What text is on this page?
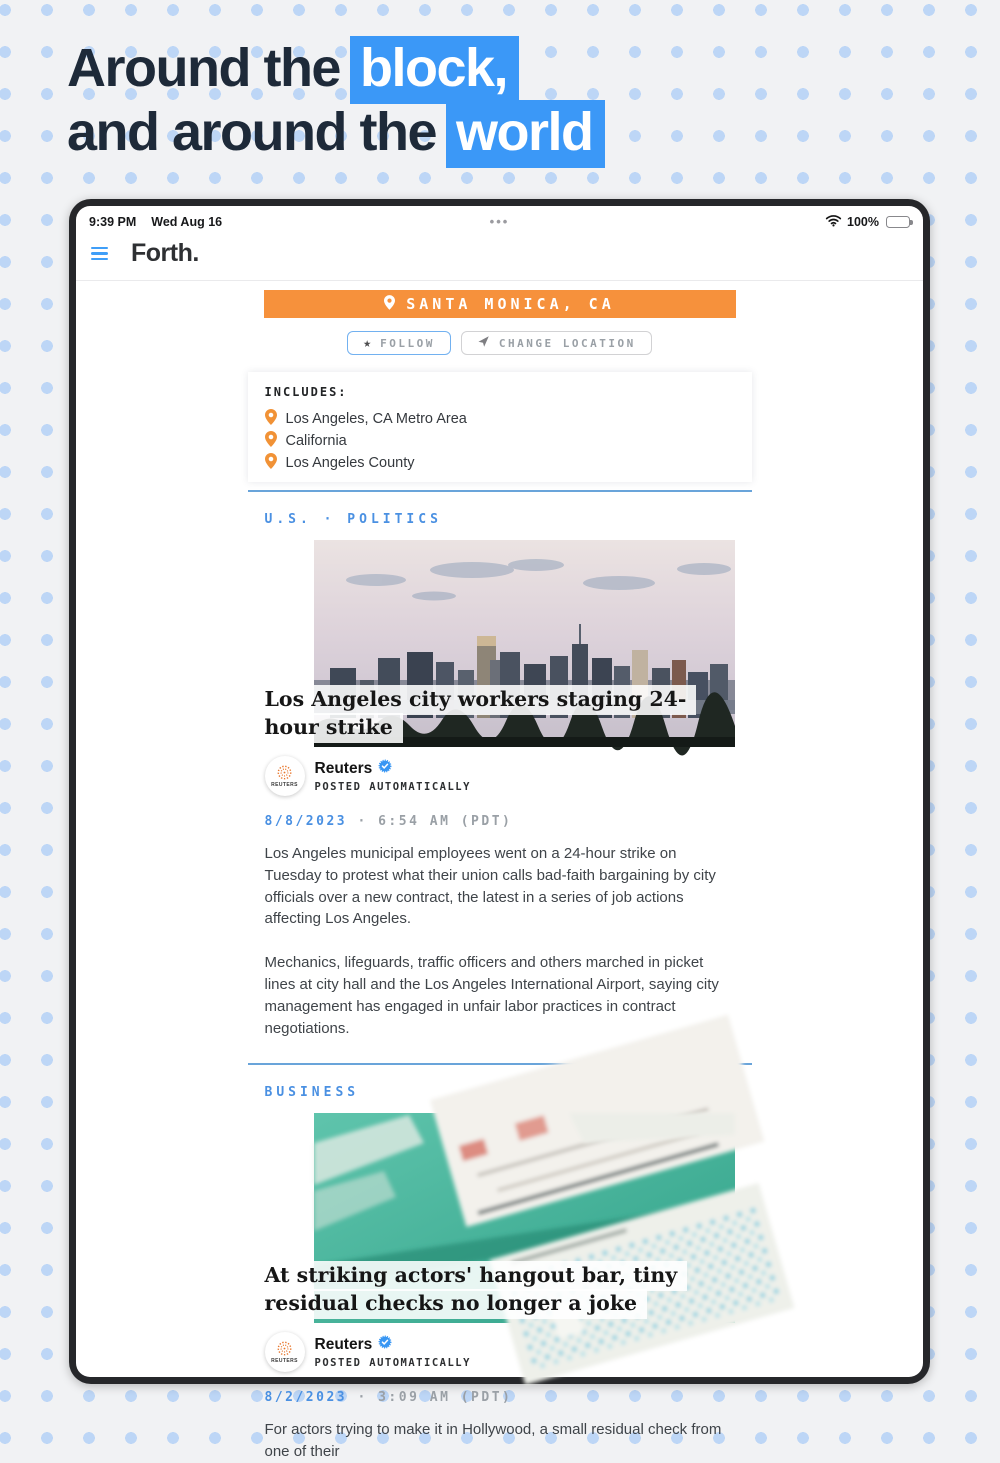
Around the block,
and around the world
9:39 PM Wed Aug 16	•••	100%
Forth.
SANTA MONICA, CA
★ FOLLOW	CHANGE LOCATION
INCLUDES:
Los Angeles, CA Metro Area
California
Los Angeles County
U.S. · POLITICS
Los Angeles city workers staging 24-hour strike
REUTERS
Reuters
POSTED AUTOMATICALLY
8/8/2023 · 6:54 AM (PDT)

Los Angeles municipal employees went on a 24-hour strike on Tuesday to protest what their union calls bad-faith bargaining by city officials over a new contract, the latest in a series of job actions affecting Los Angeles.

Mechanics, lifeguards, traffic officers and others marched in picket lines at city hall and the Los Angeles International Airport, saying city management has engaged in unfair labor practices in contract negotiations.

BUSINESS
At striking actors' hangout bar, tiny residual checks no longer a joke
REUTERS
Reuters
POSTED AUTOMATICALLY
8/2/2023 · 3:09 AM (PDT)

For actors trying to make it in Hollywood, a small residual check from one of their
